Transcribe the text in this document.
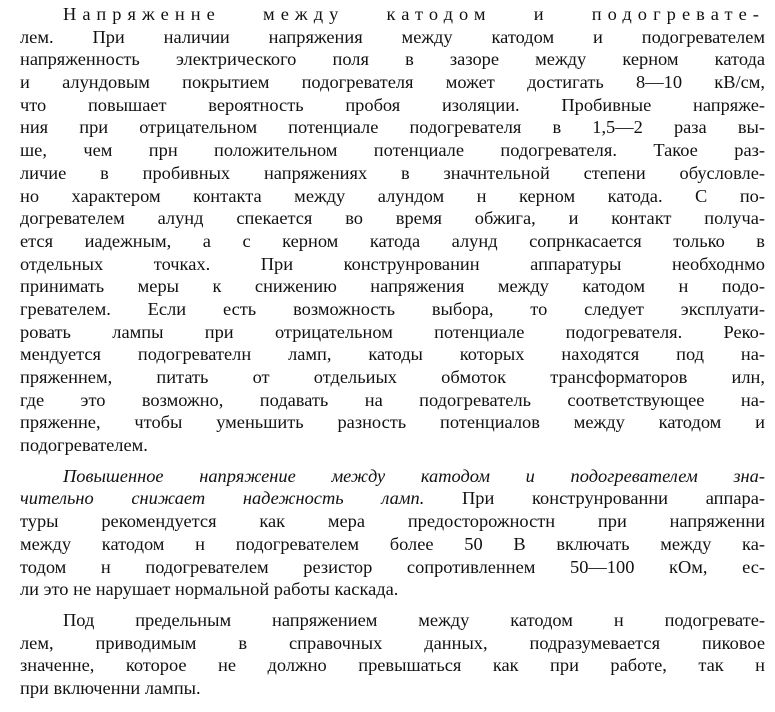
Напряженне между катодом и подогревате-
лем. При наличии напряжения между катодом и подогревателем
напряженность электрического поля в зазоре между керном катода
и алундовым покрытием подогревателя может достигать 8—10 кВ/см,
что повышает вероятность пробоя изоляции. Пробивные напряже-
ния при отрицательном потенциале подогревателя в 1,5—2 раза вы-
ше, чем прн положительном потенциале подогревателя. Такое раз-
личие в пробивных напряжениях в значнтельной степени обусловле-
но характером контакта между алундом н керном катода. С по-
догревателем алунд спекается во время обжига, и контакт получа-
ется иадежным, а с керном катода алунд сопрнкасается только в
отдельных точках. При конструнрованин аппаратуры необходнмо
принимать меры к снижению напряжения между катодом н подо-
гревателем. Если есть возможность выбора, то следует эксплуати-
ровать лампы при отрицательном потенциале подогревателя. Реко-
мендуется подогревателн ламп, катоды которых находятся под на-
пряженнем, питать от отдельиых обмоток трансформаторов илн,
где это возможно, подавать на подогреватель соответствующее на-
пряженне, чтобы уменьшить разность потенциалов между катодом и
подогревателем.
Повышенное напряжение между катодом и подогревателем зна-
чительно снижает надежность ламп. При конструнрованни аппара-
туры рекомендуется как мера предосторожностн при напряженни
между катодом н подогревателем более 50 В включать между ка-
тодом н подогревателем резистор сопротивленнем 50—100 кОм, ес-
ли это не нарушает нормальной работы каскада.
Под предельным напряжением между катодом н подогревате-
лем, приводимым в справочных данных, подразумевается пиковое
значенне, которое не должно превышаться как при работе, так н
при включенни лампы.
